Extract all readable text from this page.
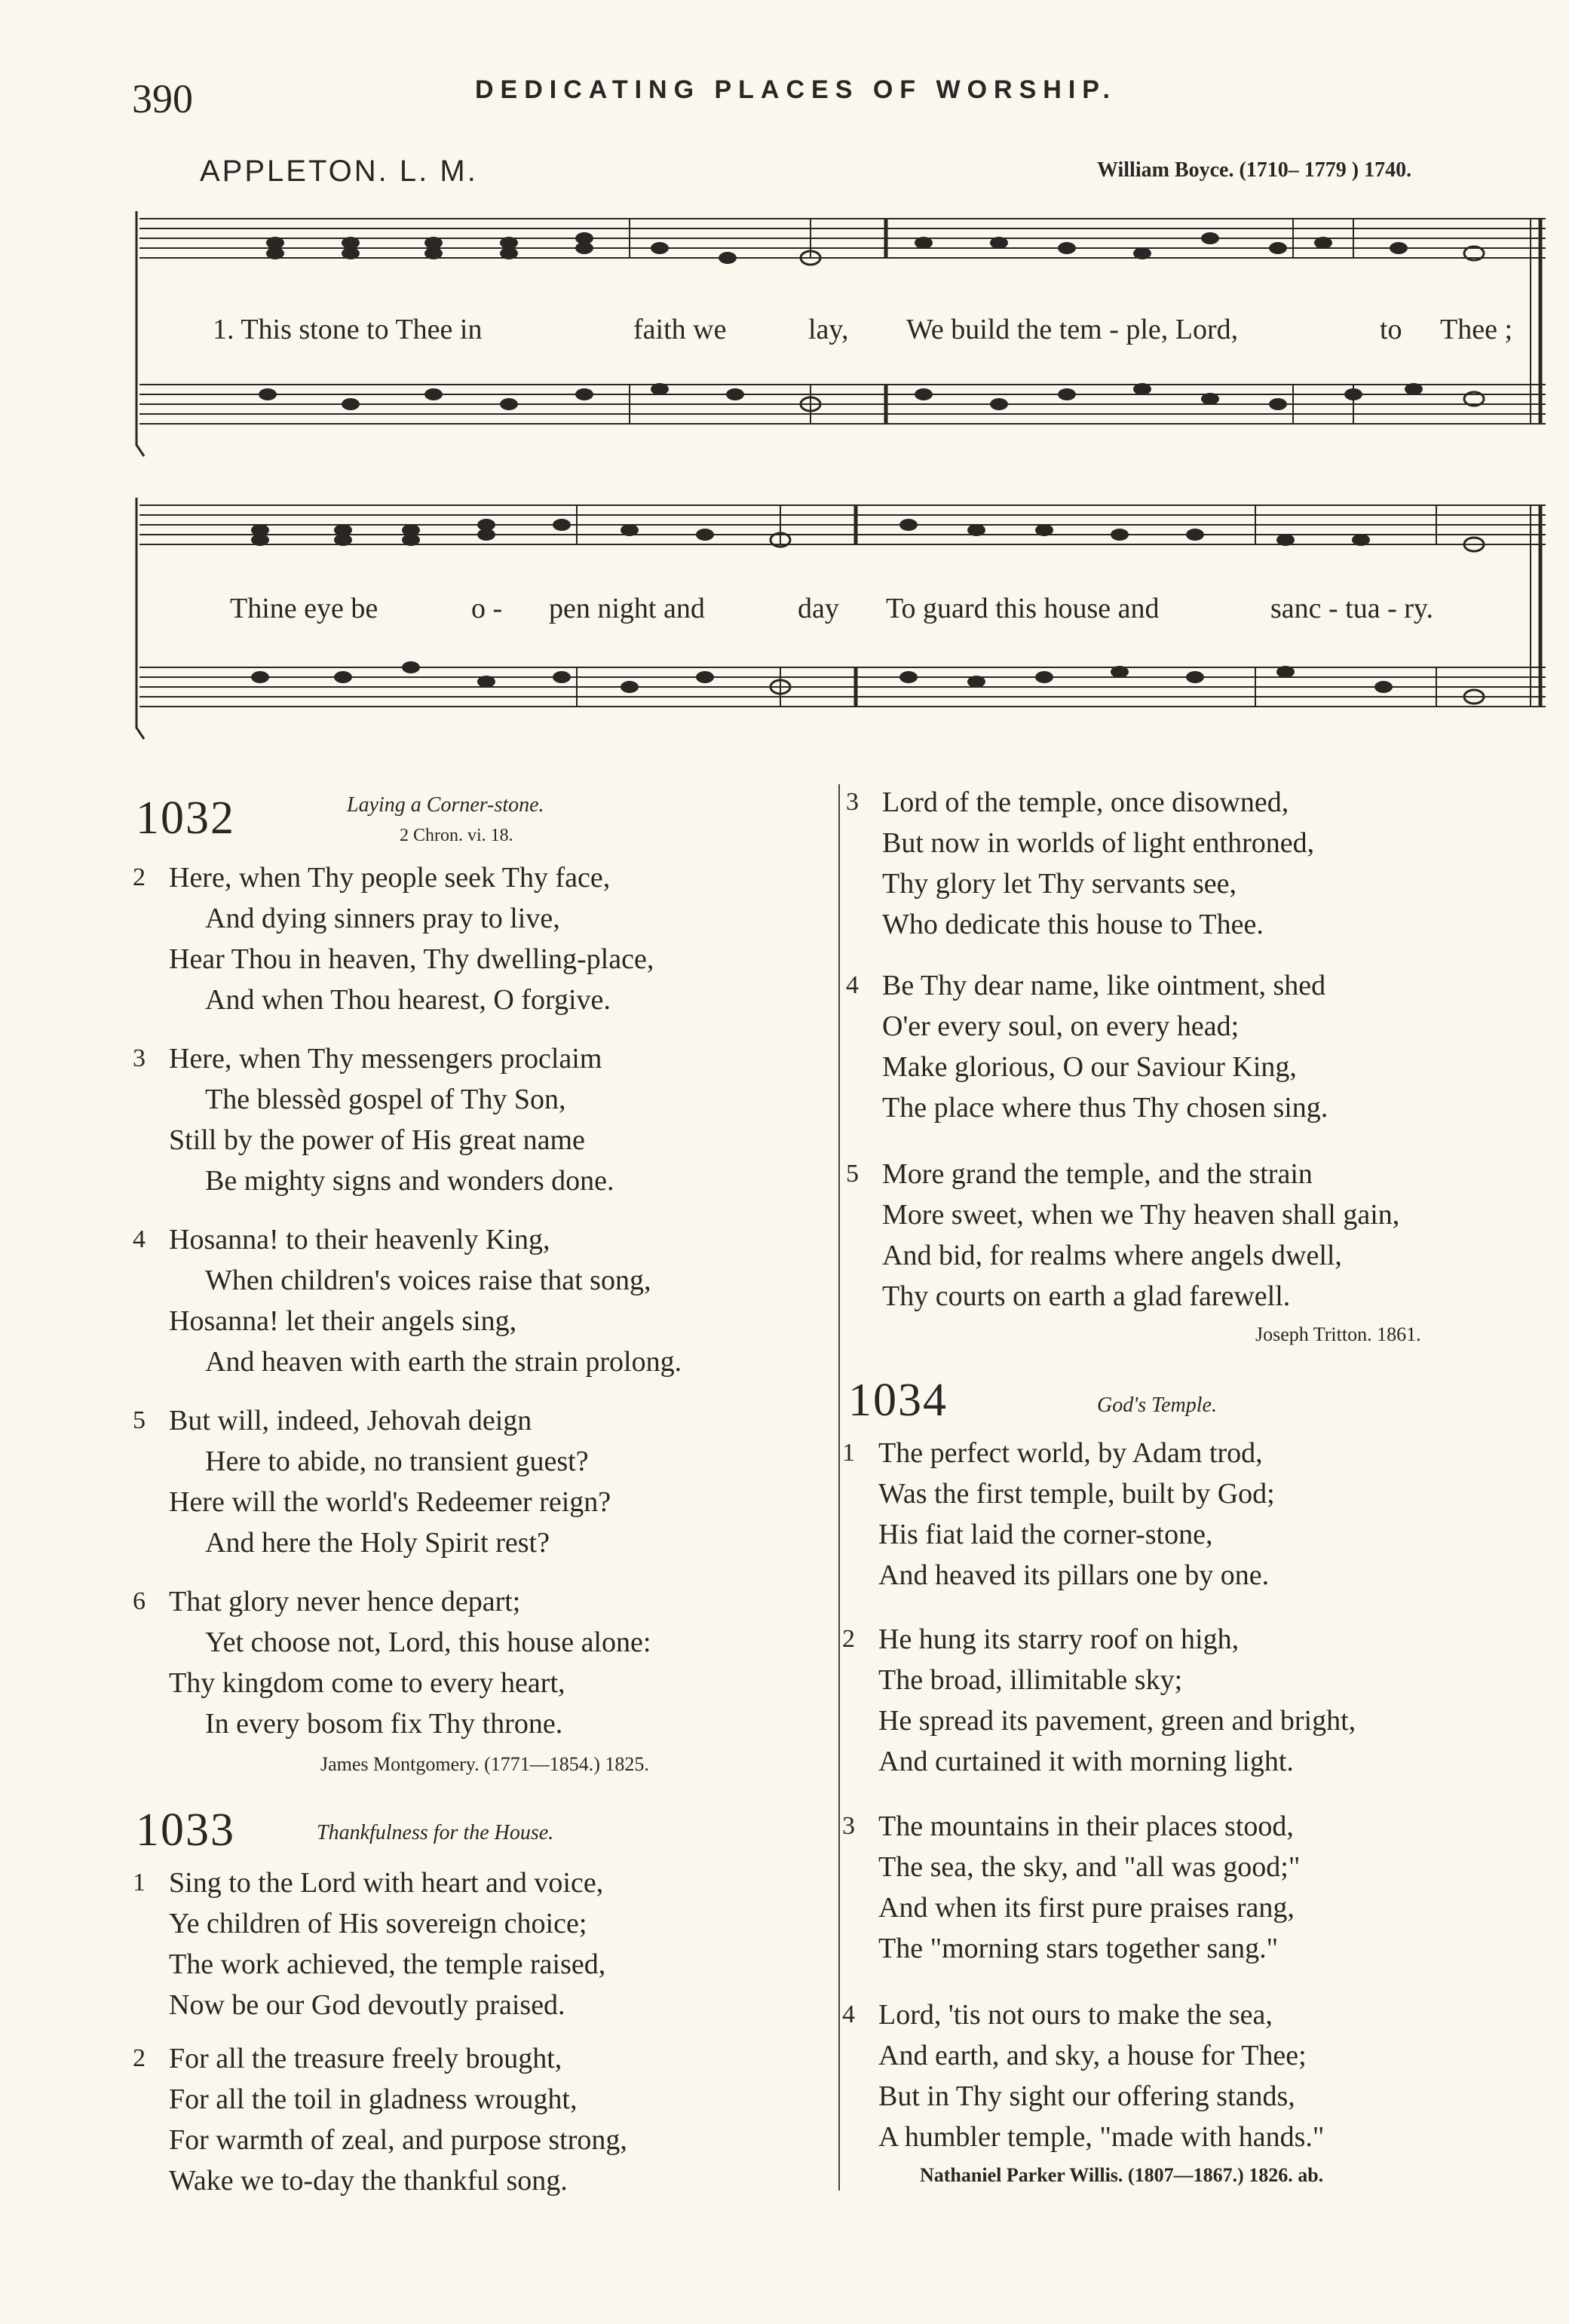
390	DEDICATING PLACES OF WORSHIP.
APPLETON. L. M.	William Boyce. (1710– 1779 ) 1740.
1. This stone to Thee in	faith we	lay, We build the tem - ple, Lord,	to Thee ;
Thine eye be	o - pen night and	day To guard this house and	sanc - tua - ry.
1032	Laying a Corner-stone.
2 Chron. vi. 18.
2 Here, when Thy people seek Thy face,
And dying sinners pray to live,
Hear Thou in heaven, Thy dwelling-place,
And when Thou hearest, O forgive.
3 Here, when Thy messengers proclaim
The blessèd gospel of Thy Son,
Still by the power of His great name
Be mighty signs and wonders done.
4 Hosanna! to their heavenly King,
When children's voices raise that song,
Hosanna! let their angels sing,
And heaven with earth the strain prolong.
5 But will, indeed, Jehovah deign
Here to abide, no transient guest?
Here will the world's Redeemer reign?
And here the Holy Spirit rest?
6 That glory never hence depart;
Yet choose not, Lord, this house alone:
Thy kingdom come to every heart,
In every bosom fix Thy throne.
James Montgomery. (1771—1854.) 1825.
1033	Thankfulness for the House.
1 Sing to the Lord with heart and voice,
Ye children of His sovereign choice;
The work achieved, the temple raised,
Now be our God devoutly praised.
2 For all the treasure freely brought,
For all the toil in gladness wrought,
For warmth of zeal, and purpose strong,
Wake we to-day the thankful song.
3 Lord of the temple, once disowned,
But now in worlds of light enthroned,
Thy glory let Thy servants see,
Who dedicate this house to Thee.
4 Be Thy dear name, like ointment, shed
O'er every soul, on every head;
Make glorious, O our Saviour King,
The place where thus Thy chosen sing.
5 More grand the temple, and the strain
More sweet, when we Thy heaven shall gain,
And bid, for realms where angels dwell,
Thy courts on earth a glad farewell.
Joseph Tritton. 1861.
1034	God's Temple.
1 The perfect world, by Adam trod,
Was the first temple, built by God;
His fiat laid the corner-stone,
And heaved its pillars one by one.
2 He hung its starry roof on high,
The broad, illimitable sky;
He spread its pavement, green and bright,
And curtained it with morning light.
3 The mountains in their places stood,
The sea, the sky, and "all was good;"
And when its first pure praises rang,
The "morning stars together sang."
4 Lord, 'tis not ours to make the sea,
And earth, and sky, a house for Thee;
But in Thy sight our offering stands,
A humbler temple, "made with hands."
Nathaniel Parker Willis. (1807—1867.) 1826. ab.
